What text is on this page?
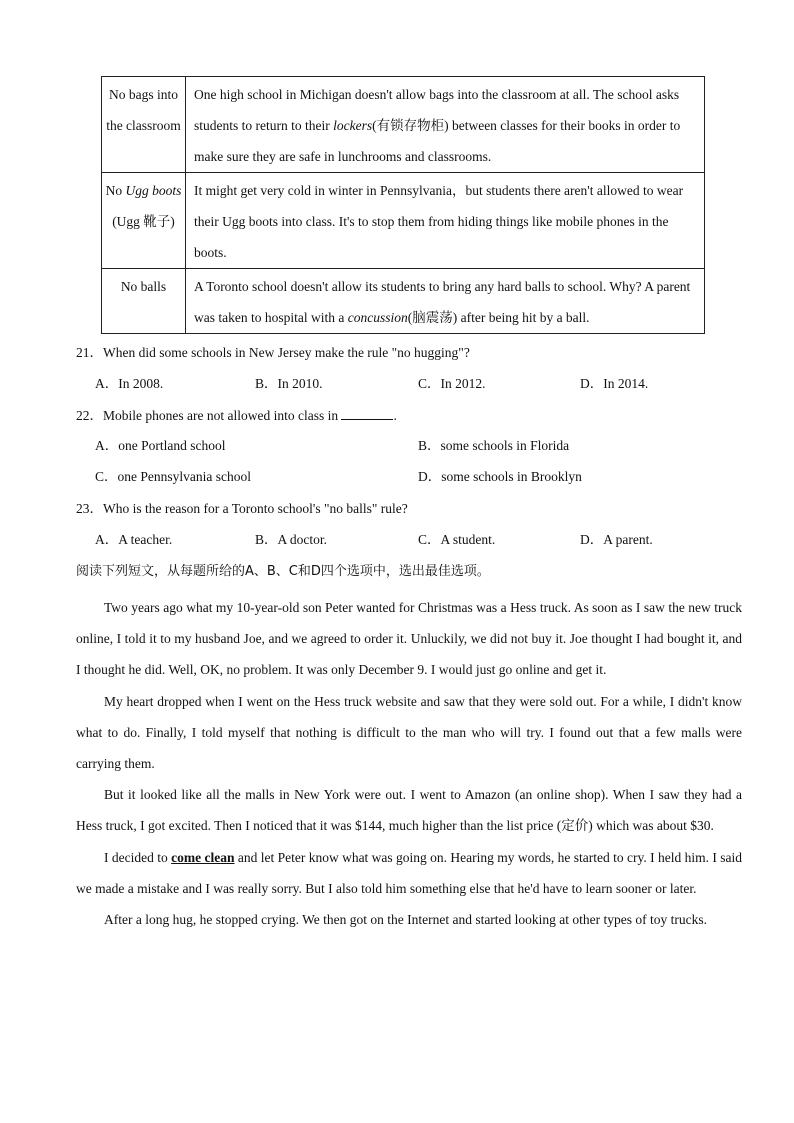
No bags into the classroom	One high school in Michigan doesn't allow bags into the classroom at all. The school asks students to return to their lockers(有锁存物柜) between classes for their books in order to make sure they are safe in lunchrooms and classrooms.
No Ugg boots (Ugg 靴子)	It might get very cold in winter in Pennsylvania，but students there aren't allowed to wear their Ugg boots into class. It's to stop them from hiding things like mobile phones in the boots.
No balls	A Toronto school doesn't allow its students to bring any hard balls to school. Why? A parent was taken to hospital with a concussion(脑震荡) after being hit by a ball.
21．When did some schools in New Jersey make the rule "no hugging"?
A．In 2008.	B．In 2010.	C．In 2012.	D．In 2014.
22．Mobile phones are not allowed into class in	.
A．one Portland school	B．some schools in Florida
C．one Pennsylvania school	D．some schools in Brooklyn
23．Who is the reason for a Toronto school's "no balls" rule?
A．A teacher.	B．A doctor.	C．A student.	D．A parent.
阅读下列短文，从每题所给的A、B、C和D四个选项中，选出最佳选项。

Two years ago what my 10-year-old son Peter wanted for Christmas was a Hess truck. As soon as I saw the new truck online, I told it to my husband Joe, and we agreed to order it. Unluckily, we did not buy it. Joe thought I had bought it, and I thought he did. Well, OK, no problem. It was only December 9. I would just go online and get it.

My heart dropped when I went on the Hess truck website and saw that they were sold out. For a while, I didn't know what to do. Finally, I told myself that nothing is difficult to the man who will try. I found out that a few malls were carrying them.

But it looked like all the malls in New York were out. I went to Amazon (an online shop). When I saw they had a Hess truck, I got excited. Then I noticed that it was $144, much higher than the list price (定价) which was about $30.

I decided to come clean and let Peter know what was going on. Hearing my words, he started to cry. I held him. I said we made a mistake and I was really sorry. But I also told him something else that he'd have to learn sooner or later.

After a long hug, he stopped crying. We then got on the Internet and started looking at other types of toy trucks.
